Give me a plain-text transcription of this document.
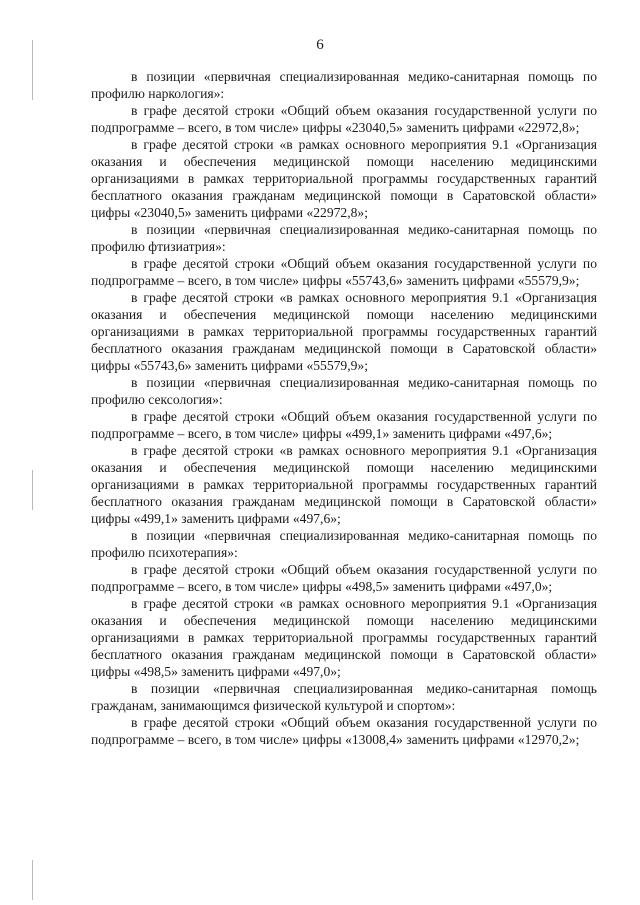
6

в позиции «первичная специализированная медико-санитарная помощь по профилю наркология»:

в графе десятой строки «Общий объем оказания государственной услуги по подпрограмме – всего, в том числе» цифры «23040,5» заменить цифрами «22972,8»;

в графе десятой строки «в рамках основного мероприятия 9.1 «Организация оказания и обеспечения медицинской помощи населению медицинскими организациями в рамках территориальной программы государственных гарантий бесплатного оказания гражданам медицинской помощи в Саратовской области» цифры «23040,5» заменить цифрами «22972,8»;

в позиции «первичная специализированная медико-санитарная помощь по профилю фтизиатрия»:

в графе десятой строки «Общий объем оказания государственной услуги по подпрограмме – всего, в том числе» цифры «55743,6» заменить цифрами «55579,9»;

в графе десятой строки «в рамках основного мероприятия 9.1 «Организация оказания и обеспечения медицинской помощи населению медицинскими организациями в рамках территориальной программы государственных гарантий бесплатного оказания гражданам медицинской помощи в Саратовской области» цифры «55743,6» заменить цифрами «55579,9»;

в позиции «первичная специализированная медико-санитарная помощь по профилю сексология»:

в графе десятой строки «Общий объем оказания государственной услуги по подпрограмме – всего, в том числе» цифры «499,1» заменить цифрами «497,6»;

в графе десятой строки «в рамках основного мероприятия 9.1 «Организация оказания и обеспечения медицинской помощи населению медицинскими организациями в рамках территориальной программы государственных гарантий бесплатного оказания гражданам медицинской помощи в Саратовской области» цифры «499,1» заменить цифрами «497,6»;

в позиции «первичная специализированная медико-санитарная помощь по профилю психотерапия»:

в графе десятой строки «Общий объем оказания государственной услуги по подпрограмме – всего, в том числе» цифры «498,5» заменить цифрами «497,0»;

в графе десятой строки «в рамках основного мероприятия 9.1 «Организация оказания и обеспечения медицинской помощи населению медицинскими организациями в рамках территориальной программы государственных гарантий бесплатного оказания гражданам медицинской помощи в Саратовской области» цифры «498,5» заменить цифрами «497,0»;

в позиции «первичная специализированная медико-санитарная помощь гражданам, занимающимся физической культурой и спортом»:

в графе десятой строки «Общий объем оказания государственной услуги по подпрограмме – всего, в том числе» цифры «13008,4» заменить цифрами «12970,2»;
